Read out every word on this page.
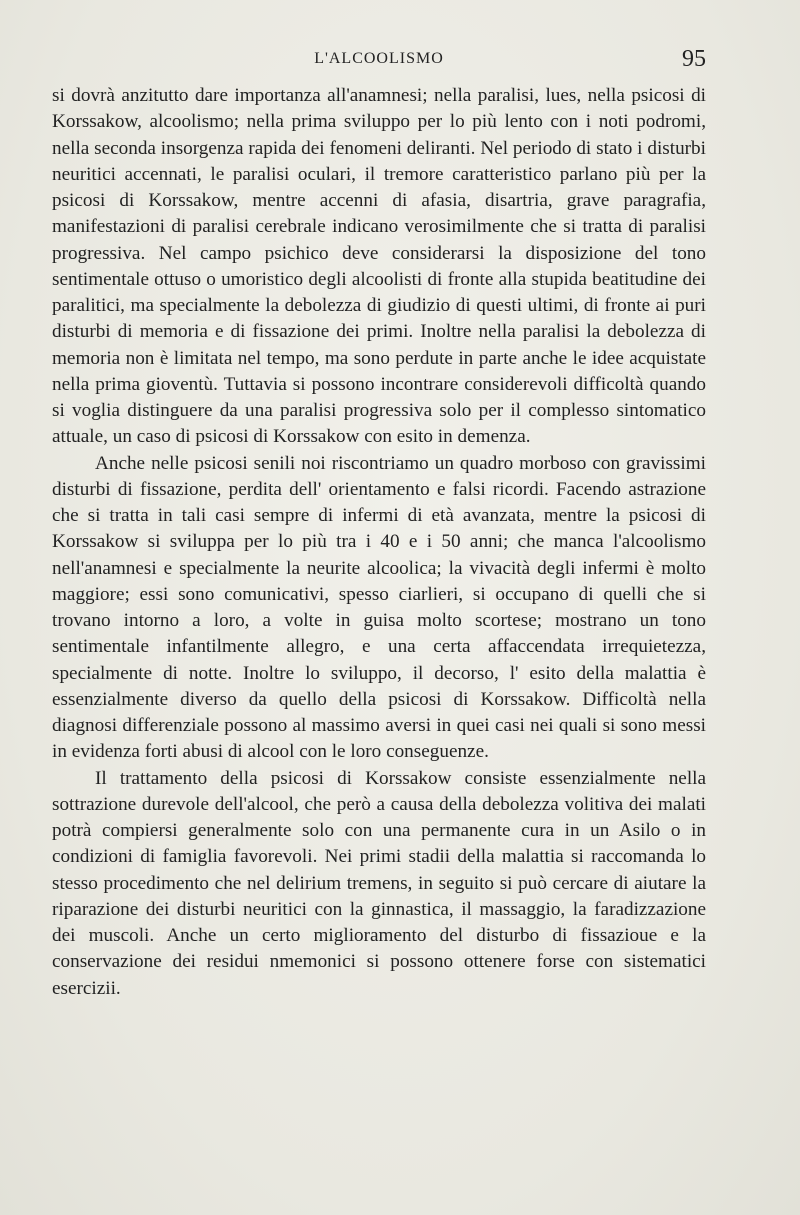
L'ALCOOLISMO	95

si dovrà anzitutto dare importanza all'anamnesi; nella paralisi, lues, nella psicosi di Korssakow, alcoolismo; nella prima sviluppo per lo più lento con i noti podromi, nella seconda insorgenza rapida dei fenomeni deliranti. Nel periodo di stato i disturbi neuritici accennati, le paralisi oculari, il tremore caratteristico parlano più per la psicosi di Korssakow, mentre accenni di afasia, disartria, grave paragrafia, manifestazioni di paralisi cerebrale indicano verosimilmente che si tratta di paralisi progressiva. Nel campo psichico deve considerarsi la disposizione del tono sentimentale ottuso o umoristico degli alcoolisti di fronte alla stupida beatitudine dei paralitici, ma specialmente la debolezza di giudizio di questi ultimi, di fronte ai puri disturbi di memoria e di fissazione dei primi. Inoltre nella paralisi la debolezza di memoria non è limitata nel tempo, ma sono perdute in parte anche le idee acquistate nella prima gioventù. Tuttavia si possono incontrare considerevoli difficoltà quando si voglia distinguere da una paralisi progressiva solo per il complesso sintomatico attuale, un caso di psicosi di Korssakow con esito in demenza.

Anche nelle psicosi senili noi riscontriamo un quadro morboso con gravissimi disturbi di fissazione, perdita dell' orientamento e falsi ricordi. Facendo astrazione che si tratta in tali casi sempre di infermi di età avanzata, mentre la psicosi di Korssakow si sviluppa per lo più tra i 40 e i 50 anni; che manca l'alcoolismo nell'anamnesi e specialmente la neurite alcoolica; la vivacità degli infermi è molto maggiore; essi sono comunicativi, spesso ciarlieri, si occupano di quelli che si trovano intorno a loro, a volte in guisa molto scortese; mostrano un tono sentimentale infantilmente allegro, e una certa affaccendata irrequietezza, specialmente di notte. Inoltre lo sviluppo, il decorso, l' esito della malattia è essenzialmente diverso da quello della psicosi di Korssakow. Difficoltà nella diagnosi differenziale possono al massimo aversi in quei casi nei quali si sono messi in evidenza forti abusi di alcool con le loro conseguenze.

Il trattamento della psicosi di Korssakow consiste essenzialmente nella sottrazione durevole dell'alcool, che però a causa della debolezza volitiva dei malati potrà compiersi generalmente solo con una permanente cura in un Asilo o in condizioni di famiglia favorevoli. Nei primi stadii della malattia si raccomanda lo stesso procedimento che nel delirium tremens, in seguito si può cercare di aiutare la riparazione dei disturbi neuritici con la ginnastica, il massaggio, la faradizzazione dei muscoli. Anche un certo miglioramento del disturbo di fissazioue e la conservazione dei residui nmemonici si possono ottenere forse con sistematici esercizii.
